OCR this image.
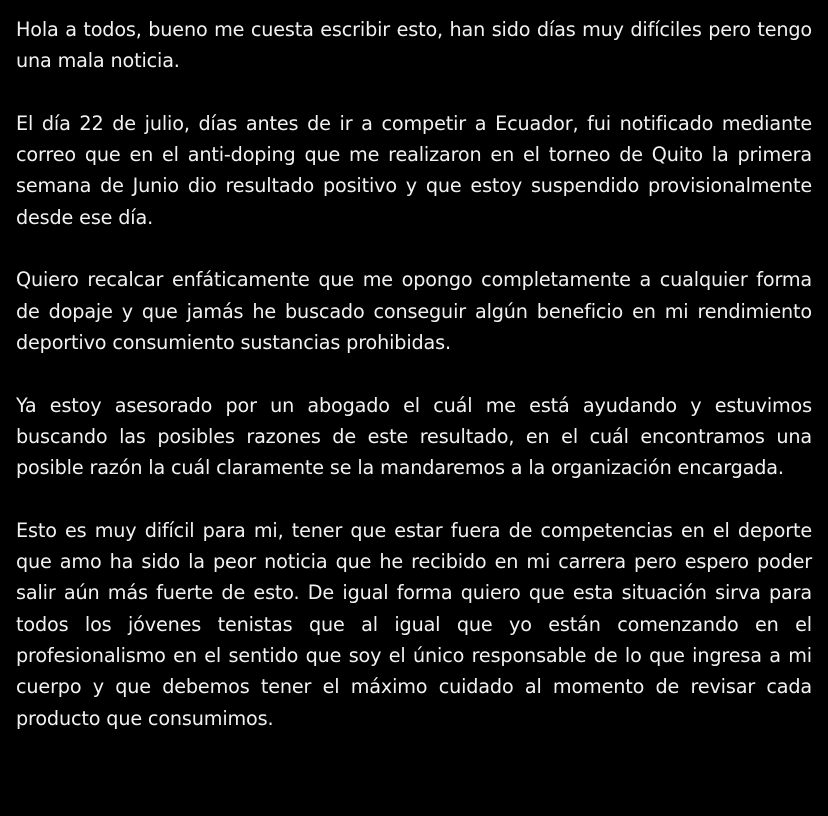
Hola a todos, bueno me cuesta escribir esto, han sido días muy difíciles pero tengo una mala noticia.

El día 22 de julio, días antes de ir a competir a Ecuador, fui notificado mediante correo que en el anti-doping que me realizaron en el torneo de Quito la primera semana de Junio dio resultado positivo y que estoy suspendido provisionalmente desde ese día.

Quiero recalcar enfáticamente que me opongo completamente a cualquier forma de dopaje y que jamás he buscado conseguir algún beneficio en mi rendimiento deportivo consumiento sustancias prohibidas.

Ya estoy asesorado por un abogado el cuál me está ayudando y estuvimos buscando las posibles razones de este resultado, en el cuál encontramos una posible razón la cuál claramente se la mandaremos a la organización encargada.

Esto es muy difícil para mi, tener que estar fuera de competencias en el deporte que amo ha sido la peor noticia que he recibido en mi carrera pero espero poder salir aún más fuerte de esto. De igual forma quiero que esta situación sirva para todos los jóvenes tenistas que al igual que yo están comenzando en el profesionalismo en el sentido que soy el único responsable de lo que ingresa a mi cuerpo y que debemos tener el máximo cuidado al momento de revisar cada producto que consumimos.
